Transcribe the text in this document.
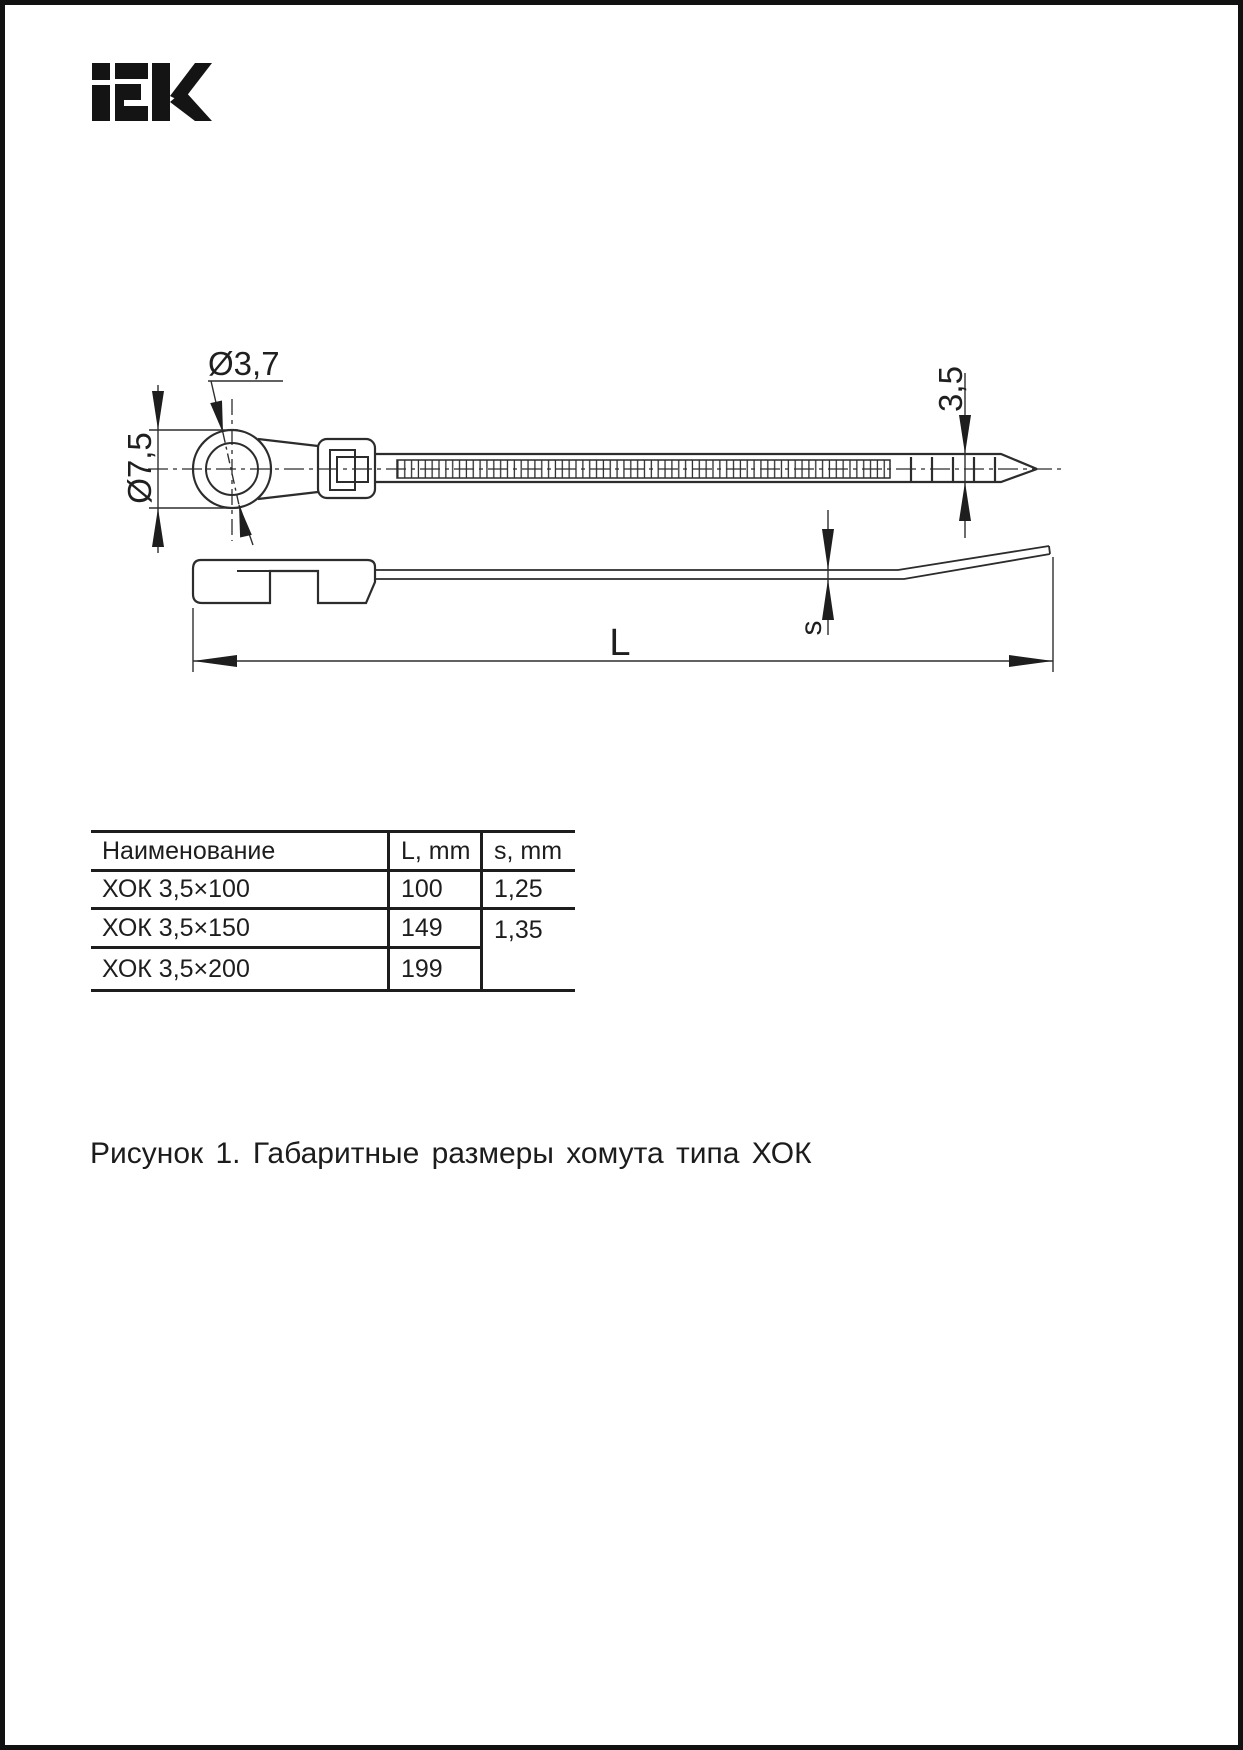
Ø3,7
Ø7,5
3,5
s
L
Наименование	L, mm s, mm
ХОК 3,5×100	100	1,25
ХОК 3,5×150	149	1,35
ХОК 3,5×200	199
Рисунок 1. Габаритные размеры хомута типа ХОК
